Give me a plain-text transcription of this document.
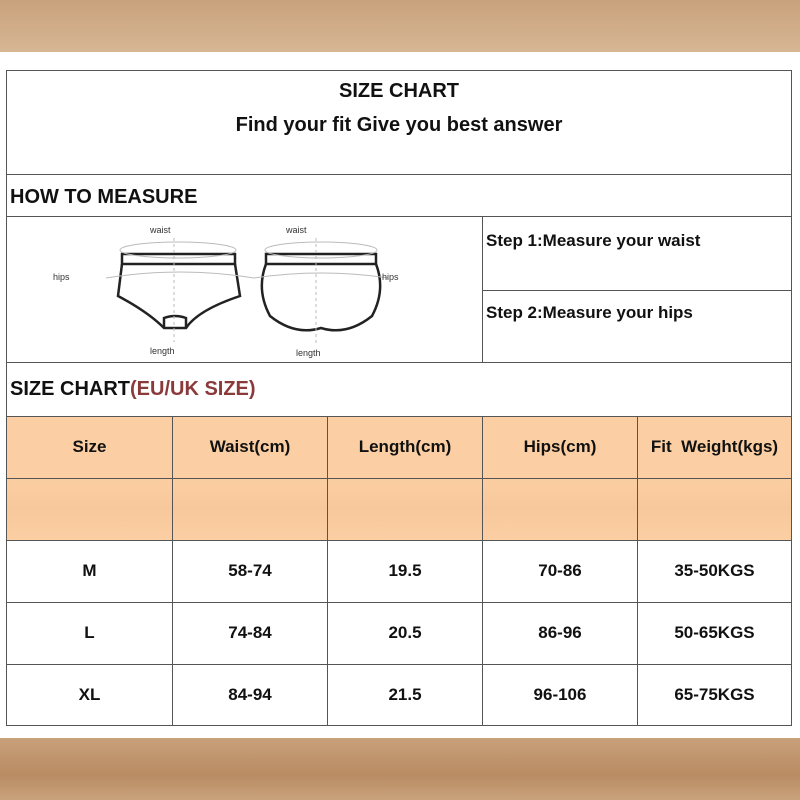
SIZE CHART
Find your fit Give you best answer
HOW TO MEASURE
Step 1:Measure your waist
Step 2:Measure your hips
waist	waist
hips	hips
length	length
SIZE CHART(EU/UK SIZE)
Size	Waist(cm)	Length(cm)	Hips(cm)	Fit  Weight(kgs)
M	58-74	19.5	70-86	35-50KGS
L	74-84	20.5	86-96	50-65KGS
XL	84-94	21.5	96-106	65-75KGS
